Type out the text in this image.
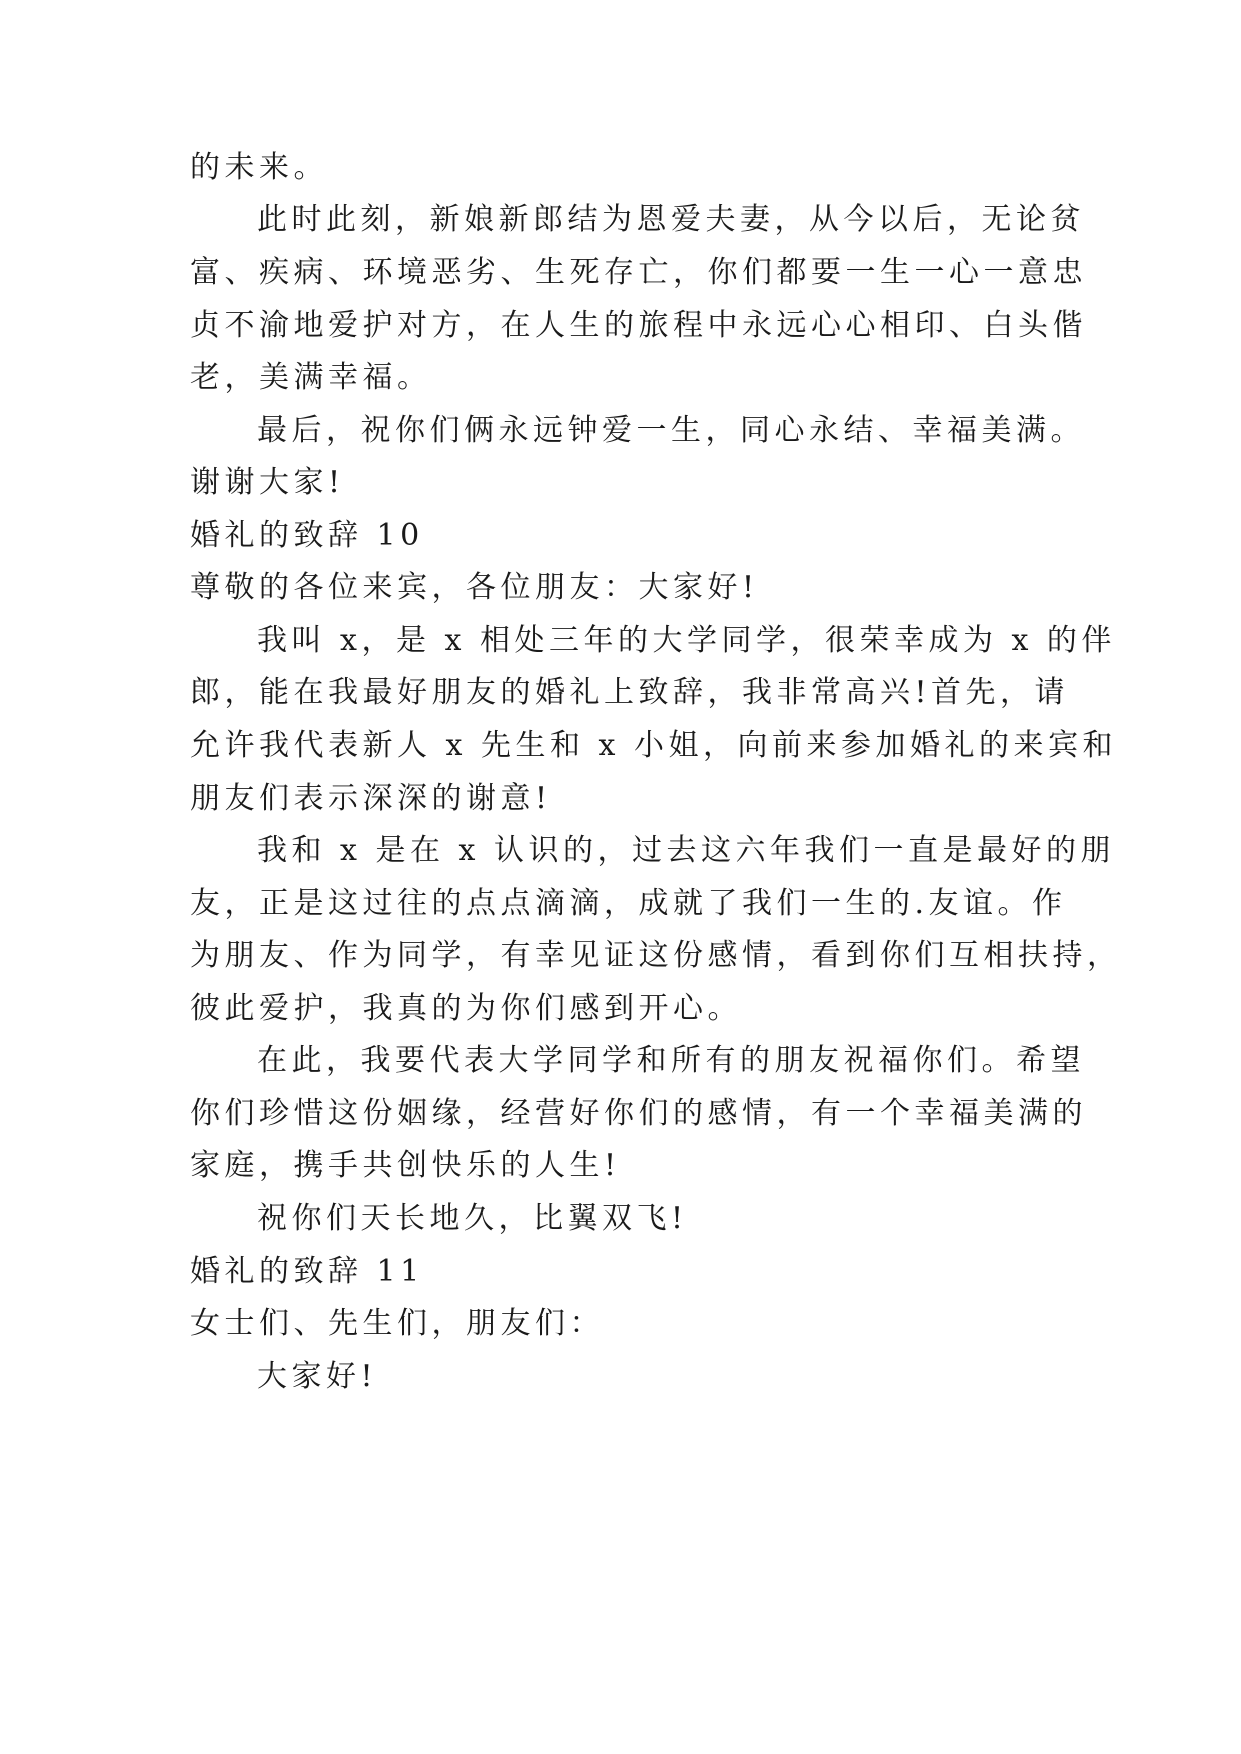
的未来。
此时此刻，新娘新郎结为恩爱夫妻，从今以后，无论贫
富、疾病、环境恶劣、生死存亡，你们都要一生一心一意忠
贞不渝地爱护对方，在人生的旅程中永远心心相印、白头偕
老，美满幸福。
最后，祝你们俩永远钟爱一生，同心永结、幸福美满。
谢谢大家!
婚礼的致辞 10
尊敬的各位来宾，各位朋友：大家好!
我叫 x，是 x 相处三年的大学同学，很荣幸成为 x 的伴
郎，能在我最好朋友的婚礼上致辞，我非常高兴!首先，请
允许我代表新人 x 先生和 x 小姐，向前来参加婚礼的来宾和
朋友们表示深深的谢意!
我和 x 是在 x 认识的，过去这六年我们一直是最好的朋
友，正是这过往的点点滴滴，成就了我们一生的.友谊。作
为朋友、作为同学，有幸见证这份感情，看到你们互相扶持，
彼此爱护，我真的为你们感到开心。
在此，我要代表大学同学和所有的朋友祝福你们。希望
你们珍惜这份姻缘，经营好你们的感情，有一个幸福美满的
家庭，携手共创快乐的人生!
祝你们天长地久，比翼双飞!
婚礼的致辞 11
女士们、先生们，朋友们：
大家好!
